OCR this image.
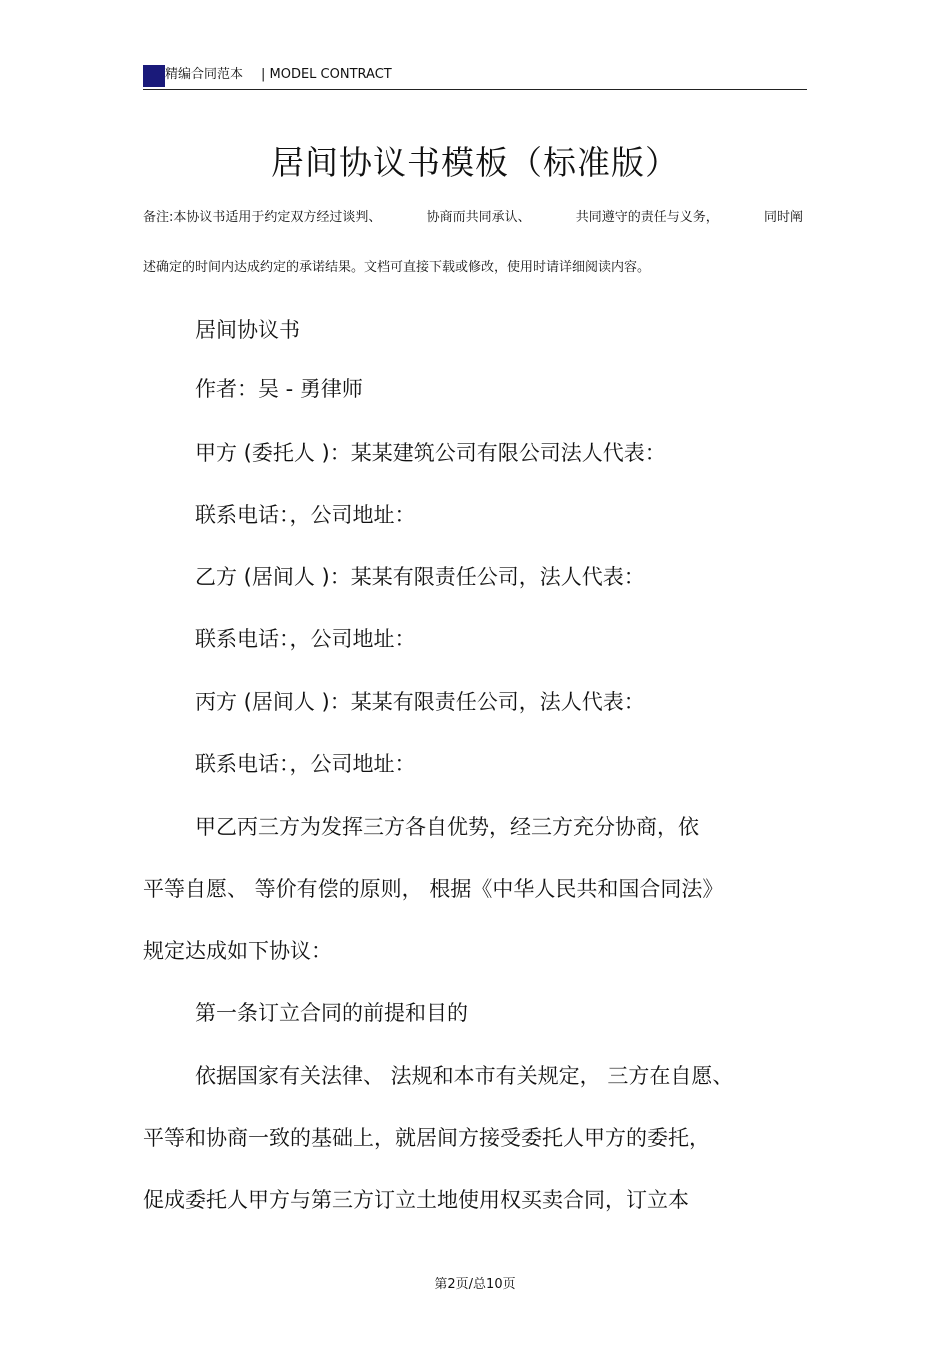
精编合同范本 | MODEL CONTRACT
居间协议书模板（标准版）
备注:本协议书适用于约定双方经过谈判、	协商而共同承认、	共同遵守的责任与义务，	同时阐
述确定的时间内达成约定的承诺结果。文档可直接下载或修改，使用时请详细阅读内容。
居间协议书
作者：吴 - 勇律师
甲方 (委托人 )：某某建筑公司有限公司法人代表：
联系电话：，公司地址：
乙方 (居间人 )：某某有限责任公司，法人代表：
联系电话：，公司地址：
丙方 (居间人 )：某某有限责任公司，法人代表：
联系电话：，公司地址：
甲乙丙三方为发挥三方各自优势，经三方充分协商，依
平等自愿、 等价有偿的原则， 根据《中华人民共和国合同法》
规定达成如下协议：
第一条订立合同的前提和目的
依据国家有关法律、 法规和本市有关规定， 三方在自愿、
平等和协商一致的基础上，就居间方接受委托人甲方的委托，
促成委托人甲方与第三方订立土地使用权买卖合同，订立本
第2页/总10页
